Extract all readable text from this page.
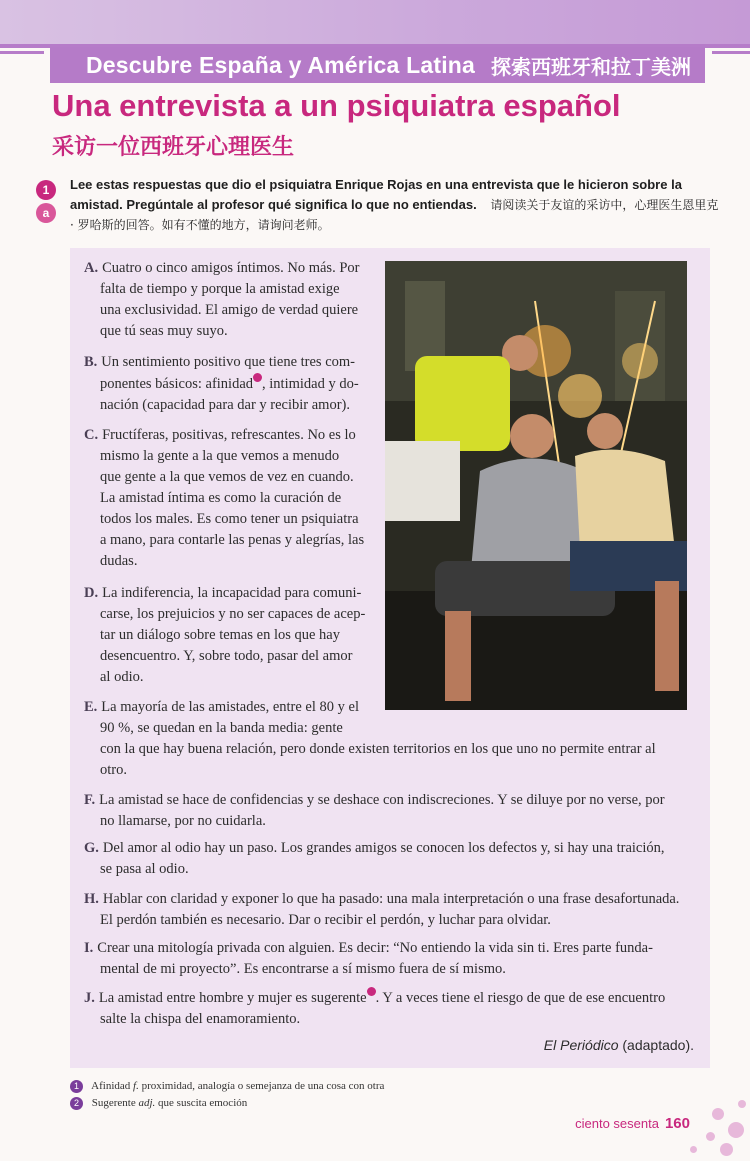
Descubre España y América Latina 探索西班牙和拉丁美洲
Una entrevista a un psiquiatra español
采访一位西班牙心理医生
1
a
Lee estas respuestas que dio el psiquiatra Enrique Rojas en una entrevista que le hicieron sobre la amistad. Pregúntale al profesor qué significa lo que no entiendas. 请阅读关于友谊的采访中，心理医生恩里克 · 罗哈斯的回答。如有不懂的地方，请询问老师。
A. Cuatro o cinco amigos íntimos. No más. Por
falta de tiempo y porque la amistad exige
una exclusividad. El amigo de verdad quiere
que tú seas muy suyo.
B. Un sentimiento positivo que tiene tres com-
ponentes básicos: afinidad , intimidad y do-
nación (capacidad para dar y recibir amor).
C. Fructíferas, positivas, refrescantes. No es lo
mismo la gente a la que vemos a menudo
que gente a la que vemos de vez en cuando.
La amistad íntima es como la curación de
todos los males. Es como tener un psiquiatra
a mano, para contarle las penas y alegrías, las
dudas.
D. La indiferencia, la incapacidad para comuni-
carse, los prejuicios y no ser capaces de acep-
tar un diálogo sobre temas en los que hay
desencuentro. Y, sobre todo, pasar del amor
al odio.
E. La mayoría de las amistades, entre el 80 y el
90 %, se quedan en la banda media: gente
con la que hay buena relación, pero donde existen territorios en los que uno no permite entrar al
otro.
F. La amistad se hace de confidencias y se deshace con indiscreciones. Y se diluye por no verse, por
no llamarse, por no cuidarla.
G. Del amor al odio hay un paso. Los grandes amigos se conocen los defectos y, si hay una traición,
se pasa al odio.
H. Hablar con claridad y exponer lo que ha pasado: una mala interpretación o una frase desafortunada.
El perdón también es necesario. Dar o recibir el perdón, y luchar para olvidar.
I. Crear una mitología privada con alguien. Es decir: “No entiendo la vida sin ti. Eres parte funda-
mental de mi proyecto”. Es encontrarse a sí mismo fuera de sí mismo.
J. La amistad entre hombre y mujer es sugerente . Y a veces tiene el riesgo de que de ese encuentro
salte la chispa del enamoramiento.
El Periódico (adaptado).
1 Afinidad f. proximidad, analogía o semejanza de una cosa con otra
2 Sugerente adj. que suscita emoción
ciento sesenta 160
